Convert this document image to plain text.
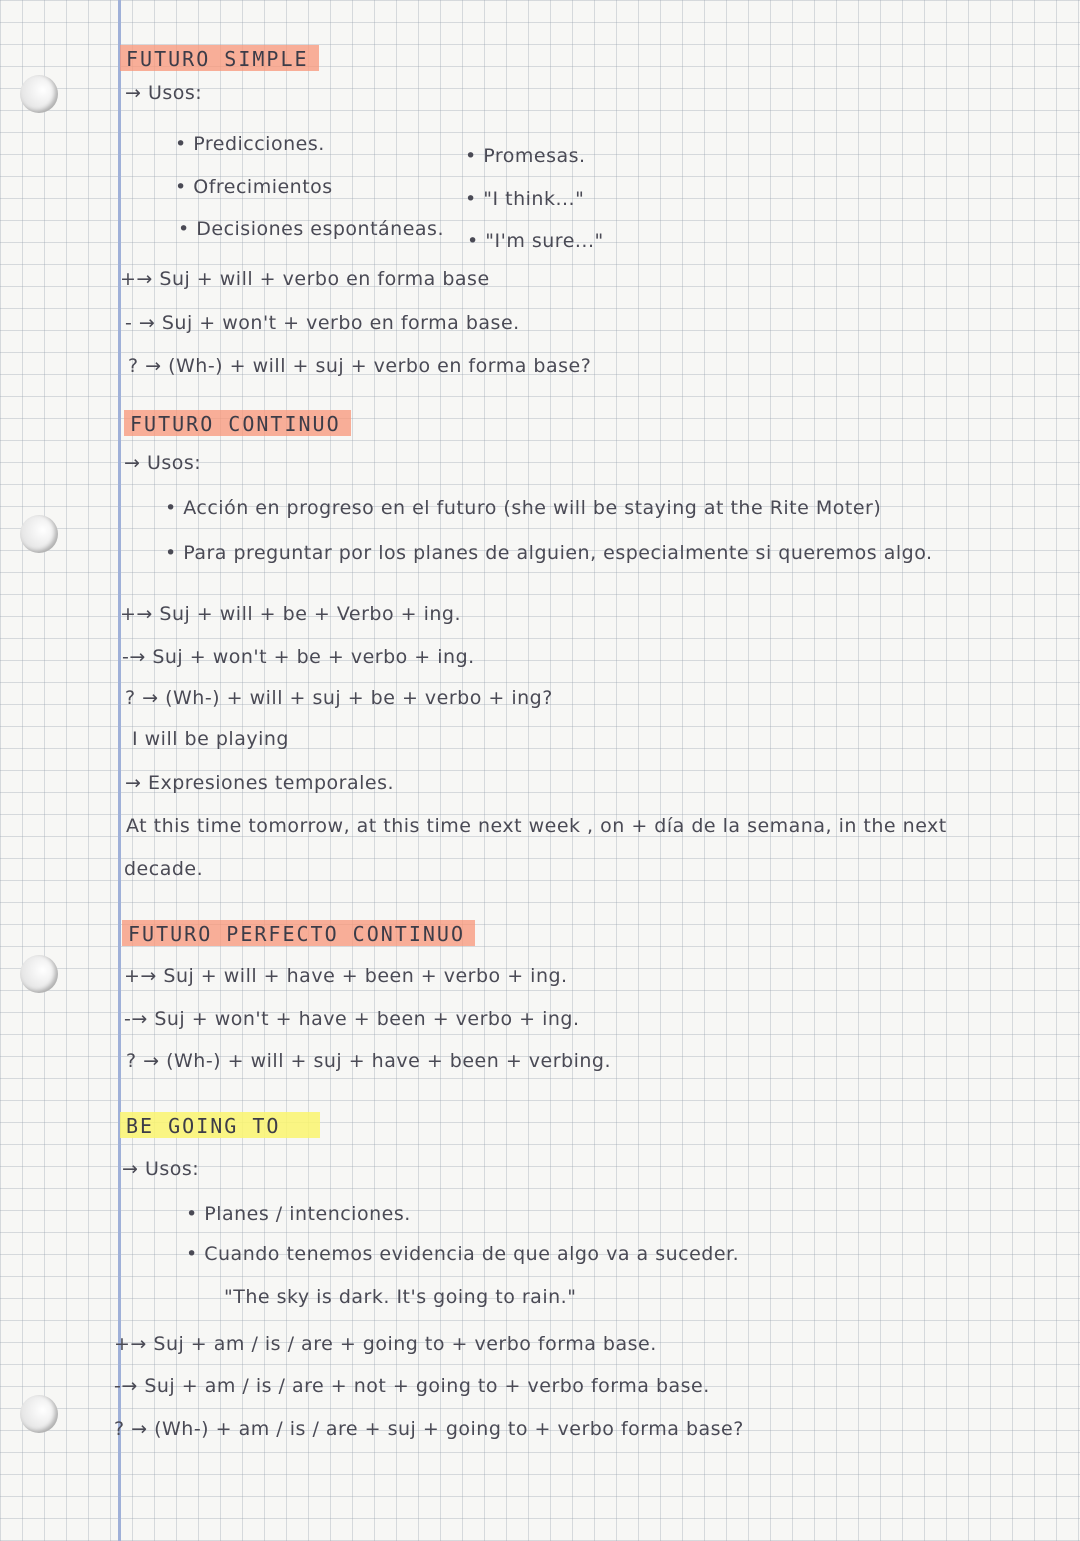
FUTURO SIMPLE
→ Usos:
• Predicciones.
• Ofrecimientos
• Decisiones espontáneas.
• Promesas.
• "I think..."
• "I'm sure..."
+→ Suj + will + verbo en forma base
- → Suj + won't + verbo en forma base.
? → (Wh-) + will + suj + verbo en forma base?
FUTURO CONTINUO
→ Usos:
• Acción en progreso en el futuro (she will be staying at the Rite Moter)
• Para preguntar por los planes de alguien, especialmente si queremos algo.
+→ Suj + will + be + Verbo + ing.
-→ Suj + won't + be + verbo + ing.
? → (Wh-) + will + suj + be + verbo + ing?
I will be playing
→ Expresiones temporales.
At this time tomorrow, at this time next week , on + día de la semana, in the next
decade.
FUTURO PERFECTO CONTINUO
+→ Suj + will + have + been + verbo + ing.
-→ Suj + won't + have + been + verbo + ing.
? → (Wh-) + will + suj + have + been + verbing.
BE GOING TO
→ Usos:
• Planes / intenciones.
• Cuando tenemos evidencia de que algo va a suceder.
"The sky is dark. It's going to rain."
+→ Suj + am / is / are + going to + verbo forma base.
-→ Suj + am / is / are + not + going to + verbo forma base.
? → (Wh-) + am / is / are + suj + going to + verbo forma base?
